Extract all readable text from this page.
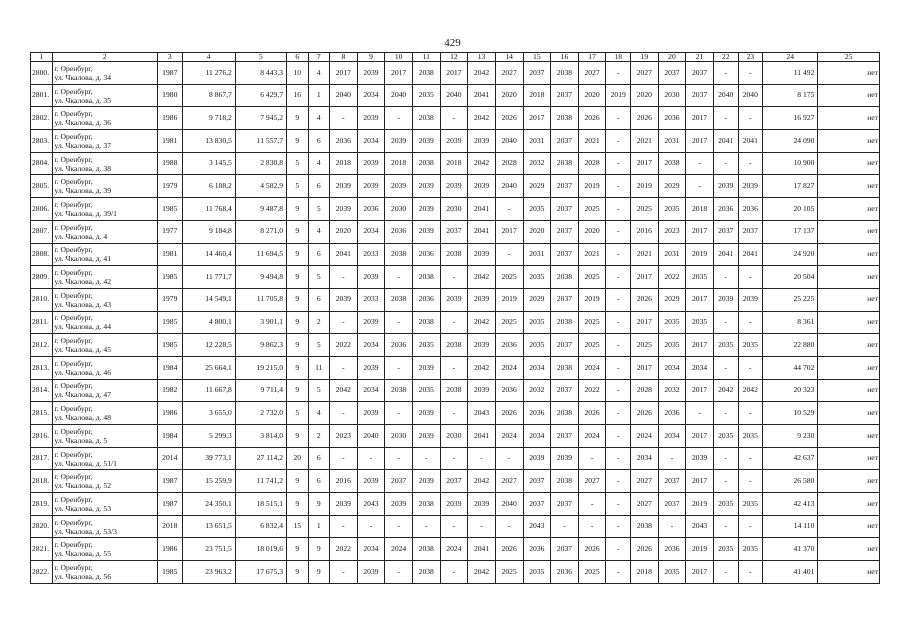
429
1	2	3	4	5	6	7	8	9	10	11	12	13	14	15	16	17	18	19	20	21	22	23	24	25
2800.	г. Оренбург,
ул. Чкалова, д. 34	1987	11 276,2	8 443,3	10	4	2017	2039	2017	2038	2017	2042	2027	2037	2038	2027	-	2027	2037	2037	-	-	11 492	нет
2801.	г. Оренбург,
ул. Чкалова, д. 35	1980	8 867,7	6 429,7	16	1	2040	2034	2040	2035	2040	2041	2020	2018	2037	2020	2019	2020	2030	2037	2040	2040	8 175	нет
2802.	г. Оренбург,
ул. Чкалова, д. 36	1986	9 718,2	7 945,2	9	4	-	2039	-	2038	-	2042	2026	2017	2038	2026	-	2026	2036	2017	-	-	16 927	нет
2803.	г. Оренбург,
ул. Чкалова, д. 37	1981	13 830,5	11 557,7	9	6	2036	2034	2039	2039	2039	2039	2040	2031	2037	2021	-	2021	2031	2017	2041	2041	24 090	нет
2804.	г. Оренбург,
ул. Чкалова, д. 38	1988	3 145,5	2 830,8	5	4	2018	2039	2018	2038	2018	2042	2028	2032	2038	2028	-	2017	2038	-	-	-	10 900	нет
2805.	г. Оренбург,
ул. Чкалова, д. 39	1979	6 188,2	4 582,9	5	6	2039	2039	2039	2039	2039	2039	2040	2029	2037	2019	-	2019	2029	-	2039	2039	17 827	нет
2806.	г. Оренбург,
ул. Чкалова, д. 39/1	1985	11 768,4	9 487,8	9	5	2039	2036	2030	2039	2030	2041	-	2035	2037	2025	-	2025	2035	2018	2036	2036	20 105	нет
2807.	г. Оренбург,
ул. Чкалова, д. 4	1977	9 184,8	8 271,0	9	4	2020	2034	2036	2039	2037	2041	2017	2020	2037	2020	-	2016	2023	2017	2037	2037	17 137	нет
2808.	г. Оренбург,
ул. Чкалова, д. 41	1981	14 460,4	11 694,5	9	6	2041	2033	2038	2036	2038	2039	-	2031	2037	2021	-	2021	2031	2019	2041	2041	24 920	нет
2809.	г. Оренбург,
ул. Чкалова, д. 42	1985	11 771,7	9 494,8	9	5	-	2039	-	2038	-	2042	2025	2035	2038	2025	-	2017	2022	2035	-	-	20 504	нет
2810.	г. Оренбург,
ул. Чкалова, д. 43	1979	14 549,1	11 705,8	9	6	2039	2033	2038	2036	2039	2039	2019	2029	2037	2019	-	2026	2029	2017	2039	2039	25 225	нет
2811.	г. Оренбург,
ул. Чкалова, д. 44	1985	4 800,1	3 901,1	9	2	-	2039	-	2038	-	2042	2025	2035	2038	2025	-	2017	2035	2035	-	-	8 361	нет
2812.	г. Оренбург,
ул. Чкалова, д. 45	1985	12 228,5	9 862,3	9	5	2022	2034	2036	2035	2038	2039	2036	2035	2037	2025	-	2025	2035	2017	2035	2035	22 880	нет
2813.	г. Оренбург,
ул. Чкалова, д. 46	1984	25 664,1	19 215,0	9	11	-	2039	-	2039	-	2042	2024	2034	2038	2024	-	2017	2034	2034	-	-	44 702	нет
2814.	г. Оренбург,
ул. Чкалова, д. 47	1982	11 667,8	9 711,4	9	5	2042	2034	2038	2035	2038	2039	2036	2032	2037	2022	-	2028	2032	2017	2042	2042	20 323	нет
2815.	г. Оренбург,
ул. Чкалова, д. 48	1986	3 655,0	2 732,0	5	4	-	2039	-	2039	-	2043	2026	2036	2038	2026	-	2026	2036	-	-	-	10 529	нет
2816.	г. Оренбург,
ул. Чкалова, д. 5	1984	5 299,3	3 814,0	9	2	2023	2040	2030	2039	2030	2041	2024	2034	2037	2024	-	2024	2034	2017	2035	2035	9 230	нет
2817.	г. Оренбург,
ул. Чкалова, д. 51/1	2014	39 773,1	27 114,2	20	6	-	-	-	-	-	-	-	2039	2039	-	-	2034	-	2039	-	-	42 637	нет
2818.	г. Оренбург,
ул. Чкалова, д. 52	1987	15 259,9	11 741,2	9	6	2016	2039	2037	2039	2037	2042	2027	2037	2038	2027	-	2027	2037	2017	-	-	26 580	нет
2819.	г. Оренбург,
ул. Чкалова, д. 53	1987	24 350,1	18 515,1	9	9	2039	2043	2039	2038	2039	2039	2040	2037	2037	-	-	2027	2037	2019	2035	2035	42 413	нет
2820.	г. Оренбург,
ул. Чкалова, д. 53/3	2018	13 651,5	6 832,4	15	1	-	-	-	-	-	-	-	2043	-	-	-	2038	-	2043	-	-	14 110	нет
2821.	г. Оренбург,
ул. Чкалова, д. 55	1986	23 751,5	18 019,6	9	9	2022	2034	2024	2038	2024	2041	2026	2036	2037	2026	-	2026	2036	2019	2035	2035	41 370	нет
2822.	г. Оренбург,
ул. Чкалова, д. 56	1985	23 963,2	17 675,3	9	9	-	2039	-	2038	-	2042	2025	2035	2036	2025	-	2018	2035	2017	-	-	41 401	нет
